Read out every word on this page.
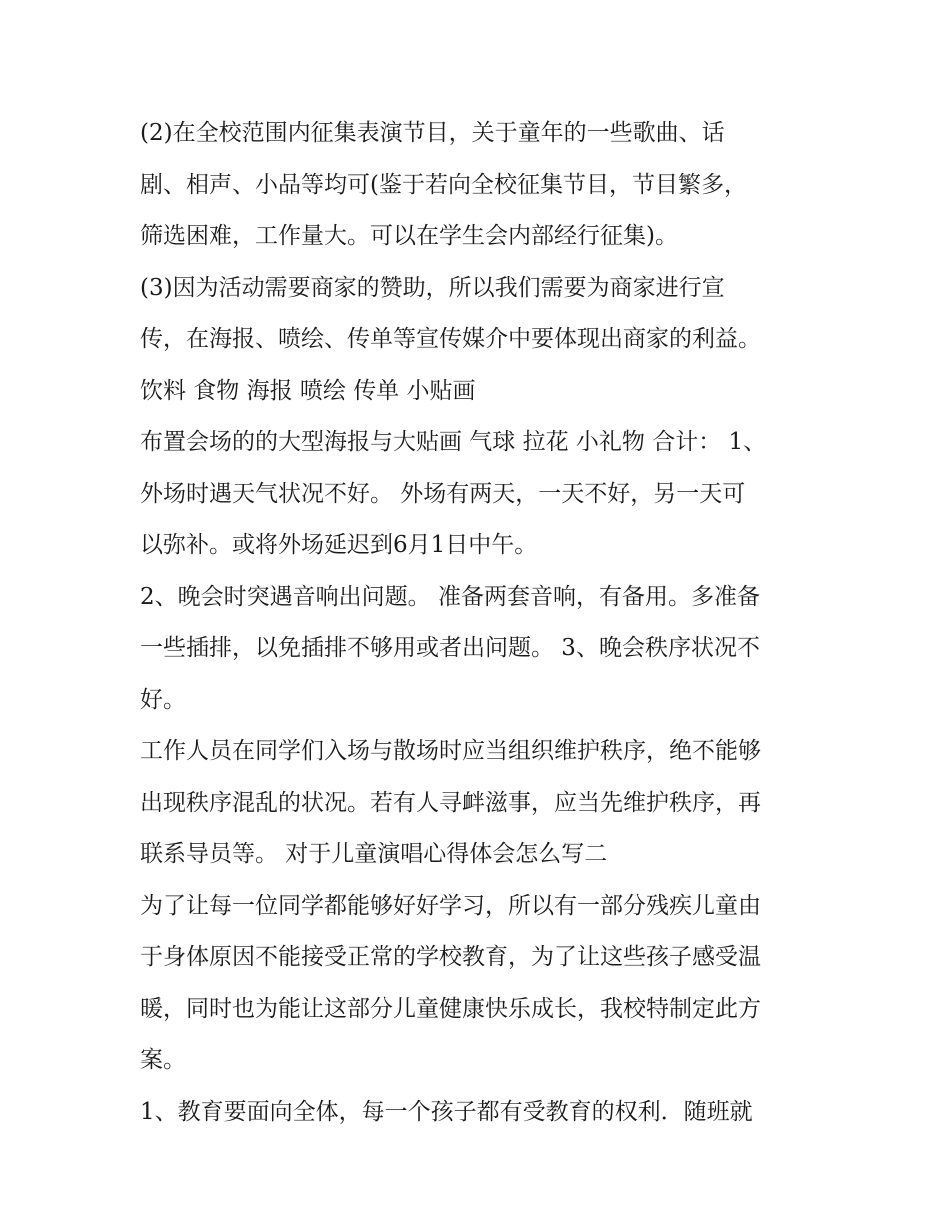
(2)在全校范围内征集表演节目，关于童年的一些歌曲、话
剧、相声、小品等均可(鉴于若向全校征集节目，节目繁多，
筛选困难，工作量大。可以在学生会内部经行征集)。
(3)因为活动需要商家的赞助，所以我们需要为商家进行宣
传，在海报、喷绘、传单等宣传媒介中要体现出商家的利益。
饮料 食物 海报 喷绘 传单 小贴画
布置会场的的大型海报与大贴画 气球 拉花 小礼物 合计： 1、
外场时遇天气状况不好。 外场有两天，一天不好，另一天可
以弥补。或将外场延迟到6月1日中午。
2、晚会时突遇音响出问题。 准备两套音响，有备用。多准备
一些插排，以免插排不够用或者出问题。 3、晚会秩序状况不
好。
工作人员在同学们入场与散场时应当组织维护秩序，绝不能够
出现秩序混乱的状况。若有人寻衅滋事，应当先维护秩序，再
联系导员等。 对于儿童演唱心得体会怎么写二
为了让每一位同学都能够好好学习，所以有一部分残疾儿童由
于身体原因不能接受正常的学校教育，为了让这些孩子感受温
暖，同时也为能让这部分儿童健康快乐成长，我校特制定此方
案。
1、教育要面向全体，每一个孩子都有受教育的权利．随班就
